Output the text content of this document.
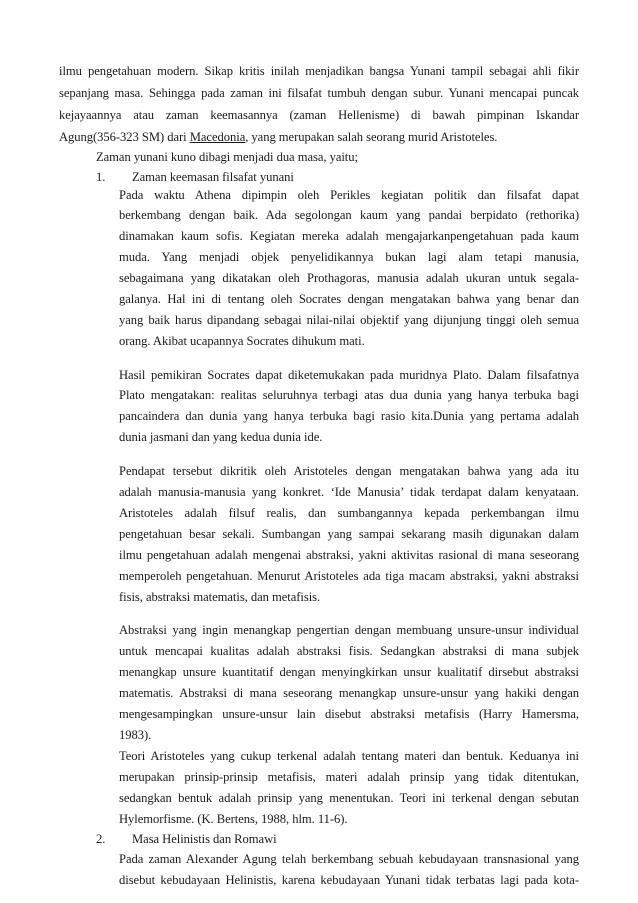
ilmu pengetahuan modern. Sikap kritis inilah menjadikan bangsa Yunani tampil sebagai ahli fikir
sepanjang masa. Sehingga pada zaman ini filsafat tumbuh dengan subur. Yunani mencapai puncak
kejayaannya atau zaman keemasannya (zaman Hellenisme) di bawah pimpinan Iskandar
Agung(356-323 SM) dari Macedonia, yang merupakan salah seorang murid Aristoteles.
Zaman yunani kuno dibagi menjadi dua masa, yaitu;
1. Zaman keemasan filsafat yunani
Pada waktu Athena dipimpin oleh Perikles kegiatan politik dan filsafat dapat
berkembang dengan baik. Ada segolongan kaum yang pandai berpidato (rethorika)
dinamakan kaum sofis. Kegiatan mereka adalah mengajarkanpengetahuan pada kaum
muda. Yang menjadi objek penyelidikannya bukan lagi alam tetapi manusia,
sebagaimana yang dikatakan oleh Prothagoras, manusia adalah ukuran untuk segala-
galanya. Hal ini di tentang oleh Socrates dengan mengatakan bahwa yang benar dan
yang baik harus dipandang sebagai nilai-nilai objektif yang dijunjung tinggi oleh semua
orang. Akibat ucapannya Socrates dihukum mati.
Hasil pemikiran Socrates dapat diketemukakan pada muridnya Plato. Dalam filsafatnya
Plato mengatakan: realitas seluruhnya terbagi atas dua dunia yang hanya terbuka bagi
pancaindera dan dunia yang hanya terbuka bagi rasio kita.Dunia yang pertama adalah
dunia jasmani dan yang kedua dunia ide.
Pendapat tersebut dikritik oleh Aristoteles dengan mengatakan bahwa yang ada itu
adalah manusia-manusia yang konkret. ‘Ide Manusia’ tidak terdapat dalam kenyataan.
Aristoteles adalah filsuf realis, dan sumbangannya kepada perkembangan ilmu
pengetahuan besar sekali. Sumbangan yang sampai sekarang masih digunakan dalam
ilmu pengetahuan adalah mengenai abstraksi, yakni aktivitas rasional di mana seseorang
memperoleh pengetahuan. Menurut Aristoteles ada tiga macam abstraksi, yakni abstraksi
fisis, abstraksi matematis, dan metafisis.
Abstraksi yang ingin menangkap pengertian dengan membuang unsure-unsur individual
untuk mencapai kualitas adalah abstraksi fisis. Sedangkan abstraksi di mana subjek
menangkap unsure kuantitatif dengan menyingkirkan unsur kualitatif dirsebut abstraksi
matematis. Abstraksi di mana seseorang menangkap unsure-unsur yang hakiki dengan
mengesampingkan unsure-unsur lain disebut abstraksi metafisis (Harry Hamersma,
1983).
Teori Aristoteles yang cukup terkenal adalah tentang materi dan bentuk. Keduanya ini
merupakan prinsip-prinsip metafisis, materi adalah prinsip yang tidak ditentukan,
sedangkan bentuk adalah prinsip yang menentukan. Teori ini terkenal dengan sebutan
Hylemorfisme. (K. Bertens, 1988, hlm. 11-6).
2. Masa Helinistis dan Romawi
Pada zaman Alexander Agung telah berkembang sebuah kebudayaan transnasional yang
disebut kebudayaan Helinistis, karena kebudayaan Yunani tidak terbatas lagi pada kota-
